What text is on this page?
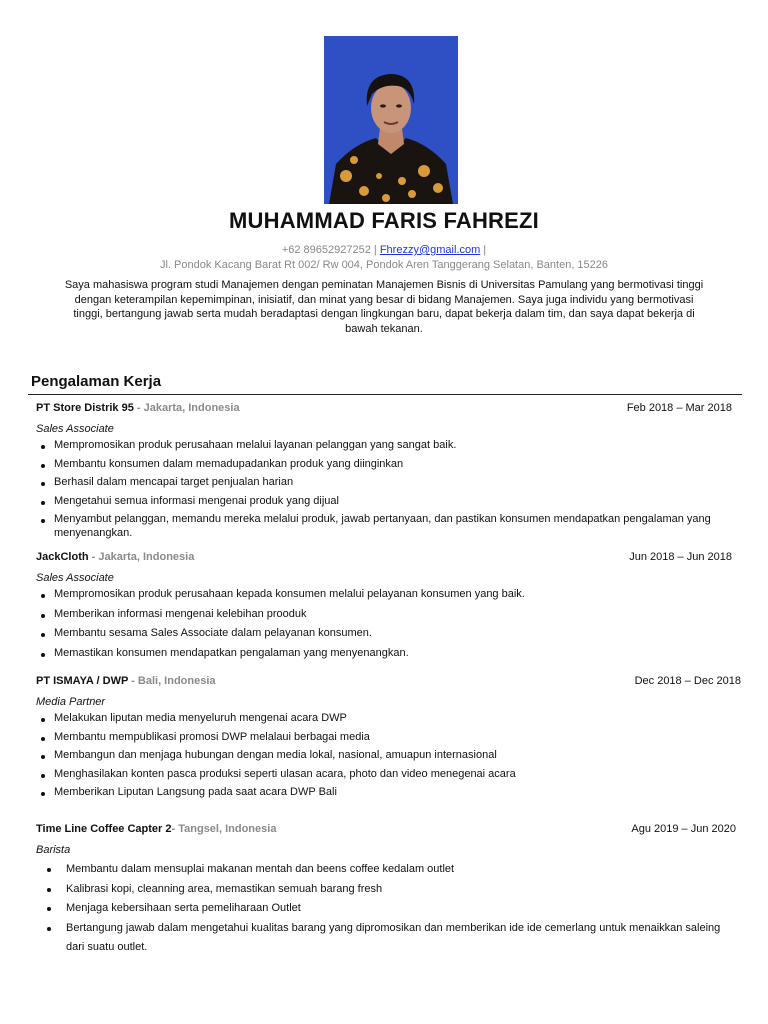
MUHAMMAD FARIS FAHREZI
+62 89652927252 | Fhrezzy@gmail.com |
Jl. Pondok Kacang Barat Rt 002/ Rw 004, Pondok Aren Tanggerang Selatan, Banten, 15226
Saya mahasiswa program studi Manajemen dengan peminatan Manajemen Bisnis di Universitas Pamulang yang bermotivasi tinggi dengan keterampilan kepemimpinan, inisiatif, dan minat yang besar di bidang Manajemen. Saya juga individu yang bermotivasi tinggi, bertangung jawab serta mudah beradaptasi dengan lingkungan baru, dapat bekerja dalam tim, dan saya dapat bekerja di bawah tekanan.
Pengalaman Kerja
PT Store Distrik 95 - Jakarta, Indonesia	Feb 2018 – Mar 2018
Sales Associate
Mempromosikan produk perusahaan melalui layanan pelanggan yang sangat baik.
Membantu konsumen dalam memadupadankan produk yang diinginkan
Berhasil dalam mencapai target penjualan harian
Mengetahui semua informasi mengenai produk yang dijual
Menyambut pelanggan, memandu mereka melalui produk, jawab pertanyaan, dan pastikan konsumen mendapatkan pengalaman yang menyenangkan.
JackCloth - Jakarta, Indonesia	Jun 2018 – Jun 2018
Sales Associate
Mempromosikan produk perusahaan kepada konsumen melalui pelayanan konsumen yang baik.
Memberikan informasi mengenai kelebihan prooduk
Membantu sesama Sales Associate dalam pelayanan konsumen.
Memastikan konsumen mendapatkan pengalaman yang menyenangkan.
PT ISMAYA / DWP - Bali, Indonesia	Dec 2018 – Dec 2018
Media Partner
Melakukan liputan media menyeluruh mengenai acara DWP
Membantu mempublikasi promosi DWP melalaui berbagai media
Membangun dan menjaga hubungan dengan media lokal, nasional, amuapun internasional
Menghasilakan konten pasca produksi seperti ulasan acara, photo dan video menegenai acara
Memberikan Liputan Langsung pada saat acara DWP Bali
Time Line Coffee Capter 2- Tangsel, Indonesia	Agu 2019 – Jun 2020
Barista
Membantu dalam mensuplai makanan mentah dan beens coffee kedalam outlet
Kalibrasi kopi, cleanning area, memastikan semuah barang fresh
Menjaga kebersihaan serta pemeliharaan Outlet
Bertangung jawab dalam mengetahui kualitas barang yang dipromosikan dan memberikan ide ide cemerlang untuk menaikkan saleing dari suatu outlet.
